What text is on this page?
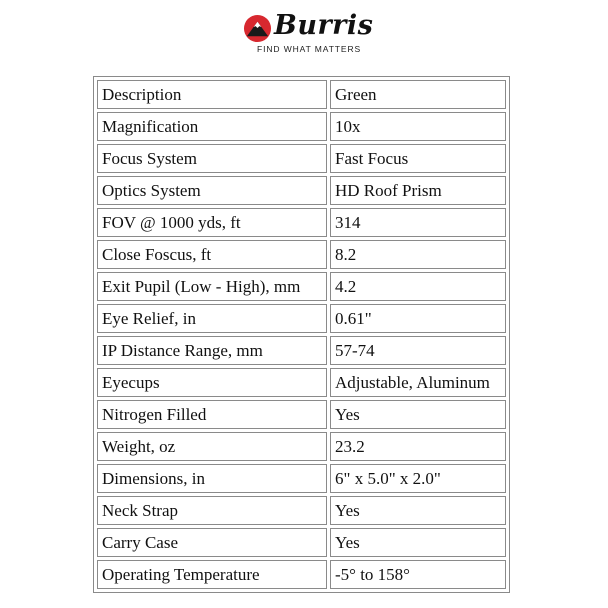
Burris
FIND WHAT MATTERS
Description	Green
Magnification	10x
Focus System	Fast Focus
Optics System	HD Roof Prism
FOV @ 1000 yds, ft	314
Close Foscus, ft	8.2
Exit Pupil (Low - High), mm	4.2
Eye Relief, in	0.61"
IP Distance Range, mm	57-74
Eyecups	Adjustable, Aluminum
Nitrogen Filled	Yes
Weight, oz	23.2
Dimensions, in	6" x 5.0" x 2.0"
Neck Strap	Yes
Carry Case	Yes
Operating Temperature	-5° to 158°
